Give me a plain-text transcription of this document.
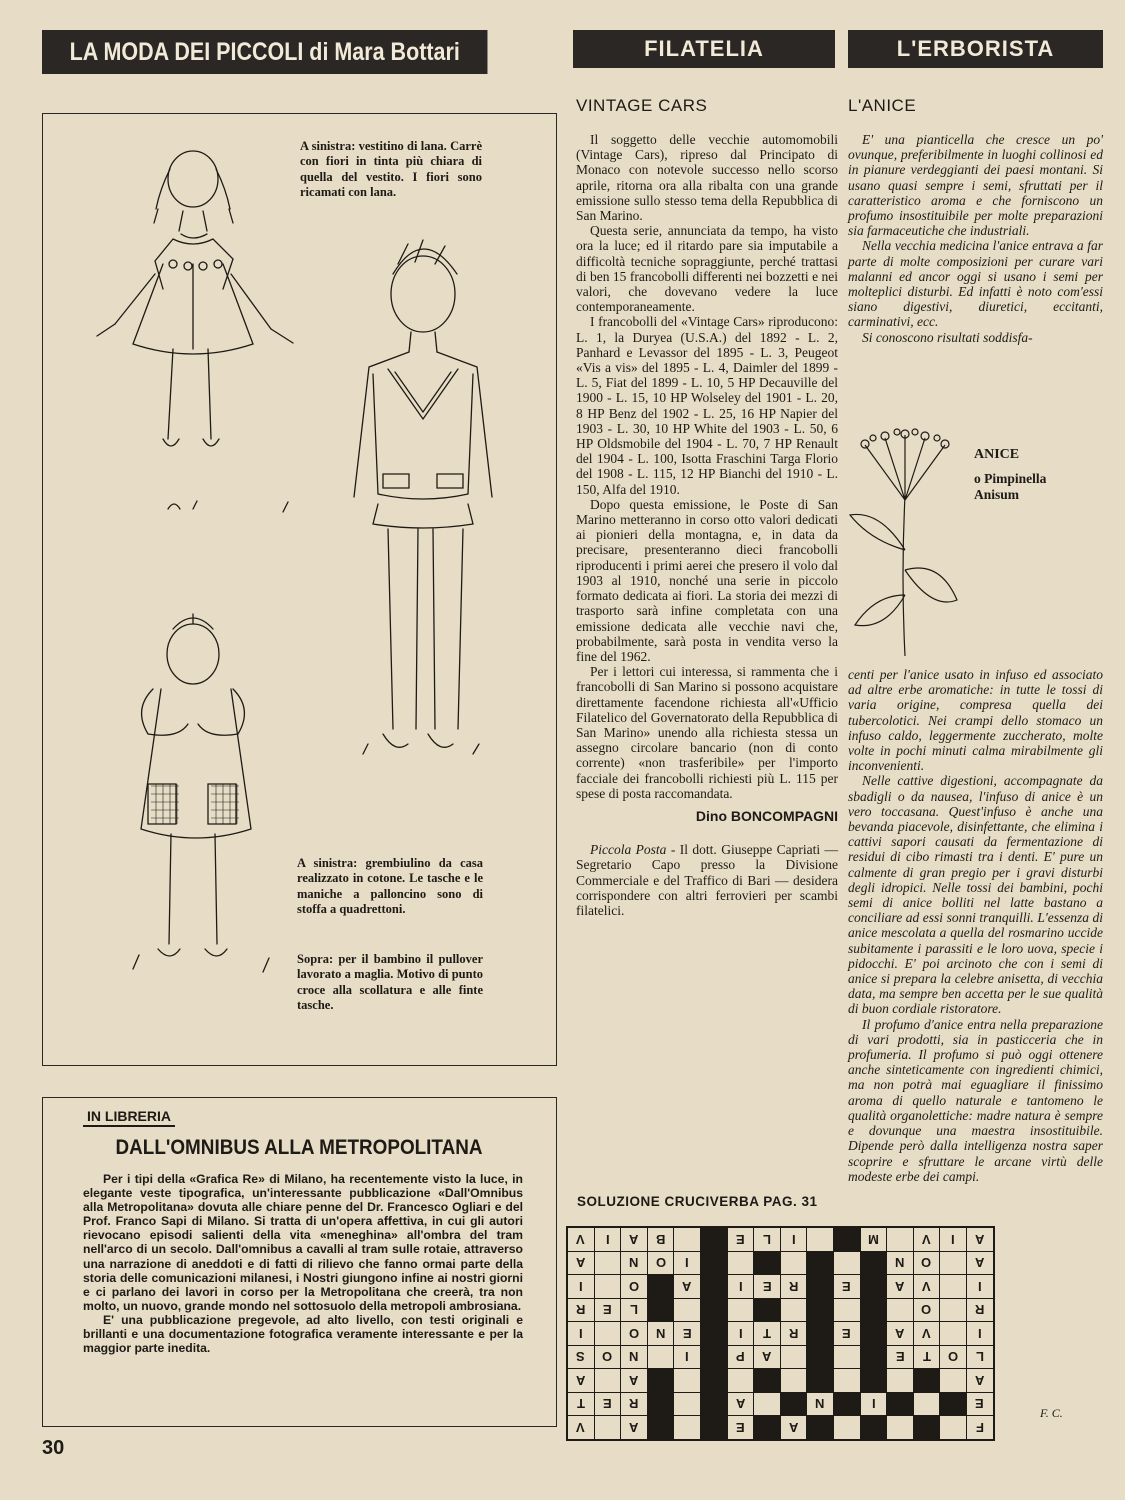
LA MODA DEI PICCOLI di Mara Bottari	FILATELIA	L'ERBORISTA
A sinistra: vestitino di lana. Carrè con fiori in tinta più chiara di quella del vestito. I fiori sono ricamati con lana.
A sinistra: grembiulino da casa realizzato in cotone. Le tasche e le maniche a palloncino sono di stoffa a quadrettoni.
Sopra: per il bambino il pullover lavorato a maglia. Motivo di punto croce alla scollatura e alle finte tasche.
VINTAGE CARS

Il soggetto delle vecchie automomobili (Vintage Cars), ripreso dal Principato di Monaco con notevole successo nello scorso aprile, ritorna ora alla ribalta con una grande emissione sullo stesso tema della Repubblica di San Marino.

Questa serie, annunciata da tempo, ha visto ora la luce; ed il ritardo pare sia imputabile a difficoltà tecniche sopraggiunte, perché trattasi di ben 15 francobolli differenti nei bozzetti e nei valori, che dovevano vedere la luce contemporaneamente.

I francobolli del «Vintage Cars» riproducono: L. 1, la Duryea (U.S.A.) del 1892 - L. 2, Panhard e Levassor del 1895 - L. 3, Peugeot «Vis a vis» del 1895 - L. 4, Daimler del 1899 - L. 5, Fiat del 1899 - L. 10, 5 HP Decauville del 1900 - L. 15, 10 HP Wolseley del 1901 - L. 20, 8 HP Benz del 1902 - L. 25, 16 HP Napier del 1903 - L. 30, 10 HP White del 1903 - L. 50, 6 HP Oldsmobile del 1904 - L. 70, 7 HP Renault del 1904 - L. 100, Isotta Fraschini Targa Florio del 1908 - L. 115, 12 HP Bianchi del 1910 - L. 150, Alfa del 1910.

Dopo questa emissione, le Poste di San Marino metteranno in corso otto valori dedicati ai pionieri della montagna, e, in data da precisare, presenteranno dieci francobolli riproducenti i primi aerei che presero il volo dal 1903 al 1910, nonché una serie in piccolo formato dedicata ai fiori. La storia dei mezzi di trasporto sarà infine completata con una emissione dedicata alle vecchie navi che, probabilmente, sarà posta in vendita verso la fine del 1962.

Per i lettori cui interessa, si rammenta che i francobolli di San Marino si possono acquistare direttamente facendone richiesta all'«Ufficio Filatelico del Governatorato della Repubblica di San Marino» unendo alla richiesta stessa un assegno circolare bancario (non di conto corrente) «non trasferibile» per l'importo facciale dei francobolli richiesti più L. 115 per spese di posta raccomandata.

Dino BONCOMPAGNI

Piccola Posta - Il dott. Giuseppe Capriati — Segretario Capo presso la Divisione Commerciale e del Traffico di Bari — desidera corrispondere con altri ferrovieri per scambi filatelici.

L'ANICE

E' una pianticella che cresce un po' ovunque, preferibilmente in luoghi collinosi ed in pianure verdeggianti dei paesi montani. Si usano quasi sempre i semi, sfruttati per il caratteristico aroma e che forniscono un profumo insostituibile per molte preparazioni sia farmaceutiche che industriali.

Nella vecchia medicina l'anice entrava a far parte di molte composizioni per curare vari malanni ed ancor oggi si usano i semi per molteplici disturbi. Ed infatti è noto com'essi siano digestivi, diuretici, eccitanti, carminativi, ecc.

Si conoscono risultati soddisfa-

ANICE
o Pimpinella Anisum

centi per l'anice usato in infuso ed associato ad altre erbe aromatiche: in tutte le tossi di varia origine, compresa quella dei tubercolotici. Nei crampi dello stomaco un infuso caldo, leggermente zuccherato, molte volte in pochi minuti calma mirabilmente gli inconvenienti.

Nelle cattive digestioni, accompagnate da sbadigli o da nausea, l'infuso di anice è un vero toccasana. Quest'infuso è anche una bevanda piacevole, disinfettante, che elimina i cattivi sapori causati da fermentazione di residui di cibo rimasti tra i denti. E' pure un calmente di gran pregio per i gravi disturbi degli idropici. Nelle tossi dei bambini, pochi semi di anice bolliti nel latte bastano a conciliare ad essi sonni tranquilli. L'essenza di anice mescolata a quella del rosmarino uccide subitamente i parassiti e le loro uova, specie i pidocchi. E' poi arcinoto che con i semi di anice si prepara la celebre anisetta, di vecchia data, ma sempre ben accetta per le sue qualità di buon cordiale ristoratore.

Il profumo d'anice entra nella preparazione di vari prodotti, sia in pasticceria che in profumeria. Il profumo si può oggi ottenere anche sinteticamente con ingredienti chimici, ma non potrà mai eguagliare il finissimo aroma di quello naturale e tantomeno le qualità organolettiche: madre natura è sempre e dovunque una maestra insostituibile. Dipende però dalla intelligenza nostra saper scoprire e sfruttare le arcane virtù delle modeste erbe dei campi.

F. C.
IN LIBRERIA
DALL'OMNIBUS ALLA METROPOLITANA

Per i tipi della «Grafica Re» di Milano, ha recentemente visto la luce, in elegante veste tipografica, un'interessante pubblicazione «Dall'Omnibus alla Metropolitana» dovuta alle chiare penne del Dr. Francesco Ogliari e del Prof. Franco Sapi di Milano. Si tratta di un'opera affettiva, in cui gli autori rievocano episodi salienti della vita «meneghina» all'ombra del tram nell'arco di un secolo. Dall'omnibus a cavalli al tram sulle rotaie, attraverso una narrazione di aneddoti e di fatti di rilievo che fanno ormai parte della storia delle comunicazioni milanesi, i Nostri giungono infine ai nostri giorni e ci parlano dei lavori in corso per la Metropolitana che creerà, tra non molto, un nuovo, grande mondo nel sottosuolo della metropoli ambrosiana.

E' una pubblicazione pregevole, ad alto livello, con testi originali e brillanti e una documentazione fotografica veramente interessante e per la maggior parte inedita.

SOLUZIONE CRUCIVERBA PAG. 31
V	I	A	B			E	L	I			M		V	I	A
A		N	O	I								N	O		A
I		O		A		I	E	R		E		A	V		I
R	E	L											O		R
I		O	N	E		I	T	R		E		A	V		I
S	O	N		I		P	A					E	T	O	L
A		A													A
T	E	R				A			N		I				E
V		A				E		A							F
30
